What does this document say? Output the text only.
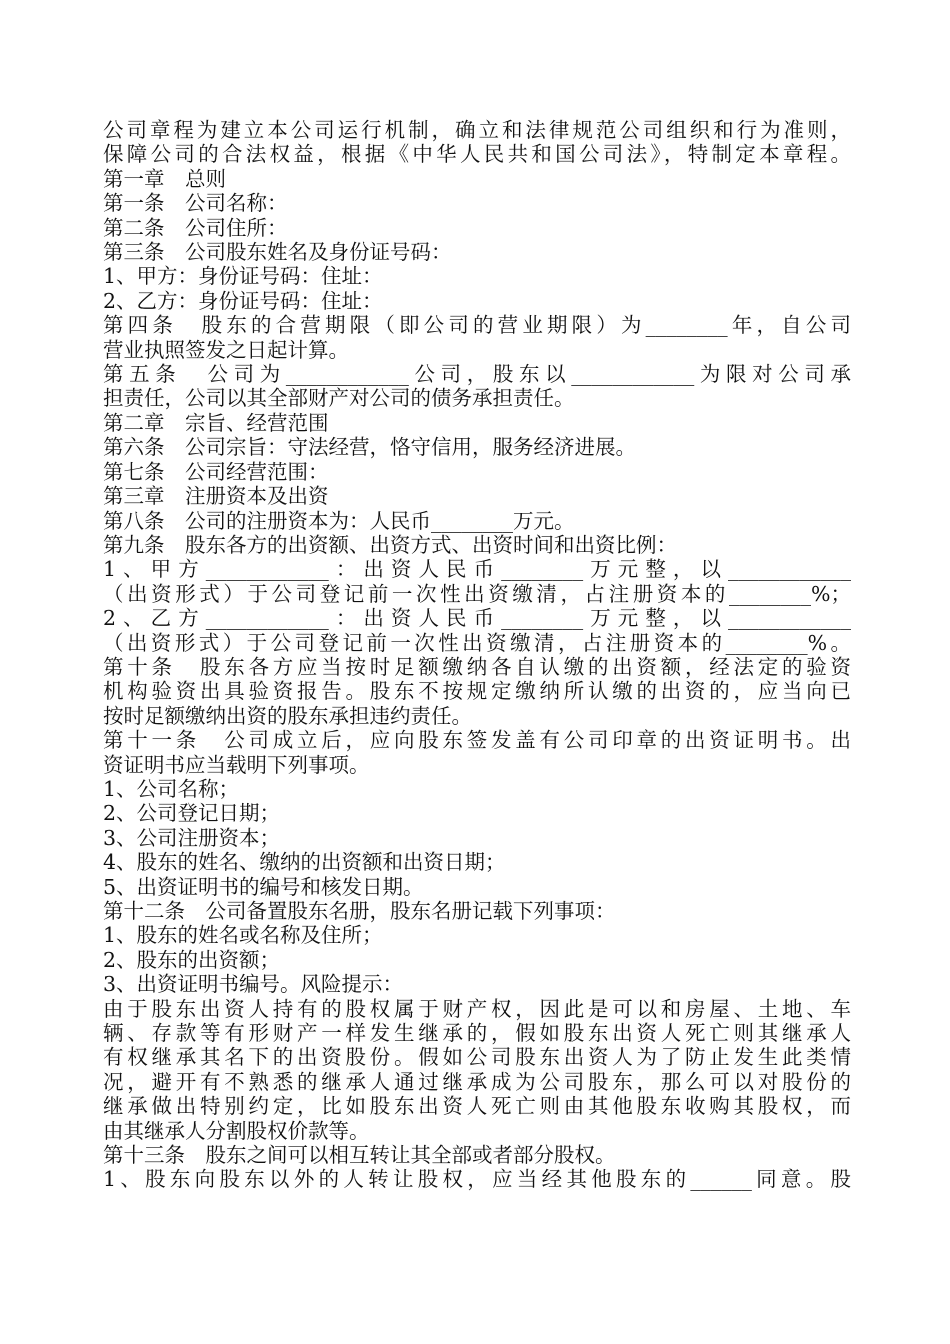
公司章程为建立本公司运行机制，确立和法律规范公司组织和行为准则，
保障公司的合法权益，根据《中华人民共和国公司法》，特制定本章程。
第一章　总则
第一条　公司名称：
第二条　公司住所：
第三条　公司股东姓名及身份证号码：
1、甲方：身份证号码：住址：
2、乙方：身份证号码：住址：
第四条　股东的合营期限（即公司的营业期限）为________年，自公司
营业执照签发之日起计算。
第五条　公司为____________公司，股东以____________为限对公司承
担责任，公司以其全部财产对公司的债务承担责任。
第二章　宗旨、经营范围
第六条　公司宗旨：守法经营，恪守信用，服务经济进展。
第七条　公司经营范围：
第三章　注册资本及出资
第八条　公司的注册资本为：人民币________万元。
第九条　股东各方的出资额、出资方式、出资时间和出资比例：
1、甲方____________：出资人民币________万元整，以____________
（出资形式）于公司登记前一次性出资缴清，占注册资本的________%；
2、乙方____________：出资人民币________万元整，以____________
（出资形式）于公司登记前一次性出资缴清，占注册资本的________%。
第十条　股东各方应当按时足额缴纳各自认缴的出资额，经法定的验资
机构验资出具验资报告。股东不按规定缴纳所认缴的出资的，应当向已
按时足额缴纳出资的股东承担违约责任。
第十一条　公司成立后，应向股东签发盖有公司印章的出资证明书。出
资证明书应当载明下列事项。
1、公司名称；
2、公司登记日期；
3、公司注册资本；
4、股东的姓名、缴纳的出资额和出资日期；
5、出资证明书的编号和核发日期。
第十二条　公司备置股东名册，股东名册记载下列事项：
1、股东的姓名或名称及住所；
2、股东的出资额；
3、出资证明书编号。风险提示：
由于股东出资人持有的股权属于财产权，因此是可以和房屋、土地、车
辆、存款等有形财产一样发生继承的，假如股东出资人死亡则其继承人
有权继承其名下的出资股份。假如公司股东出资人为了防止发生此类情
况，避开有不熟悉的继承人通过继承成为公司股东，那么可以对股份的
继承做出特别约定，比如股东出资人死亡则由其他股东收购其股权，而
由其继承人分割股权价款等。
第十三条　股东之间可以相互转让其全部或者部分股权。
1、股东向股东以外的人转让股权，应当经其他股东的______同意。股
